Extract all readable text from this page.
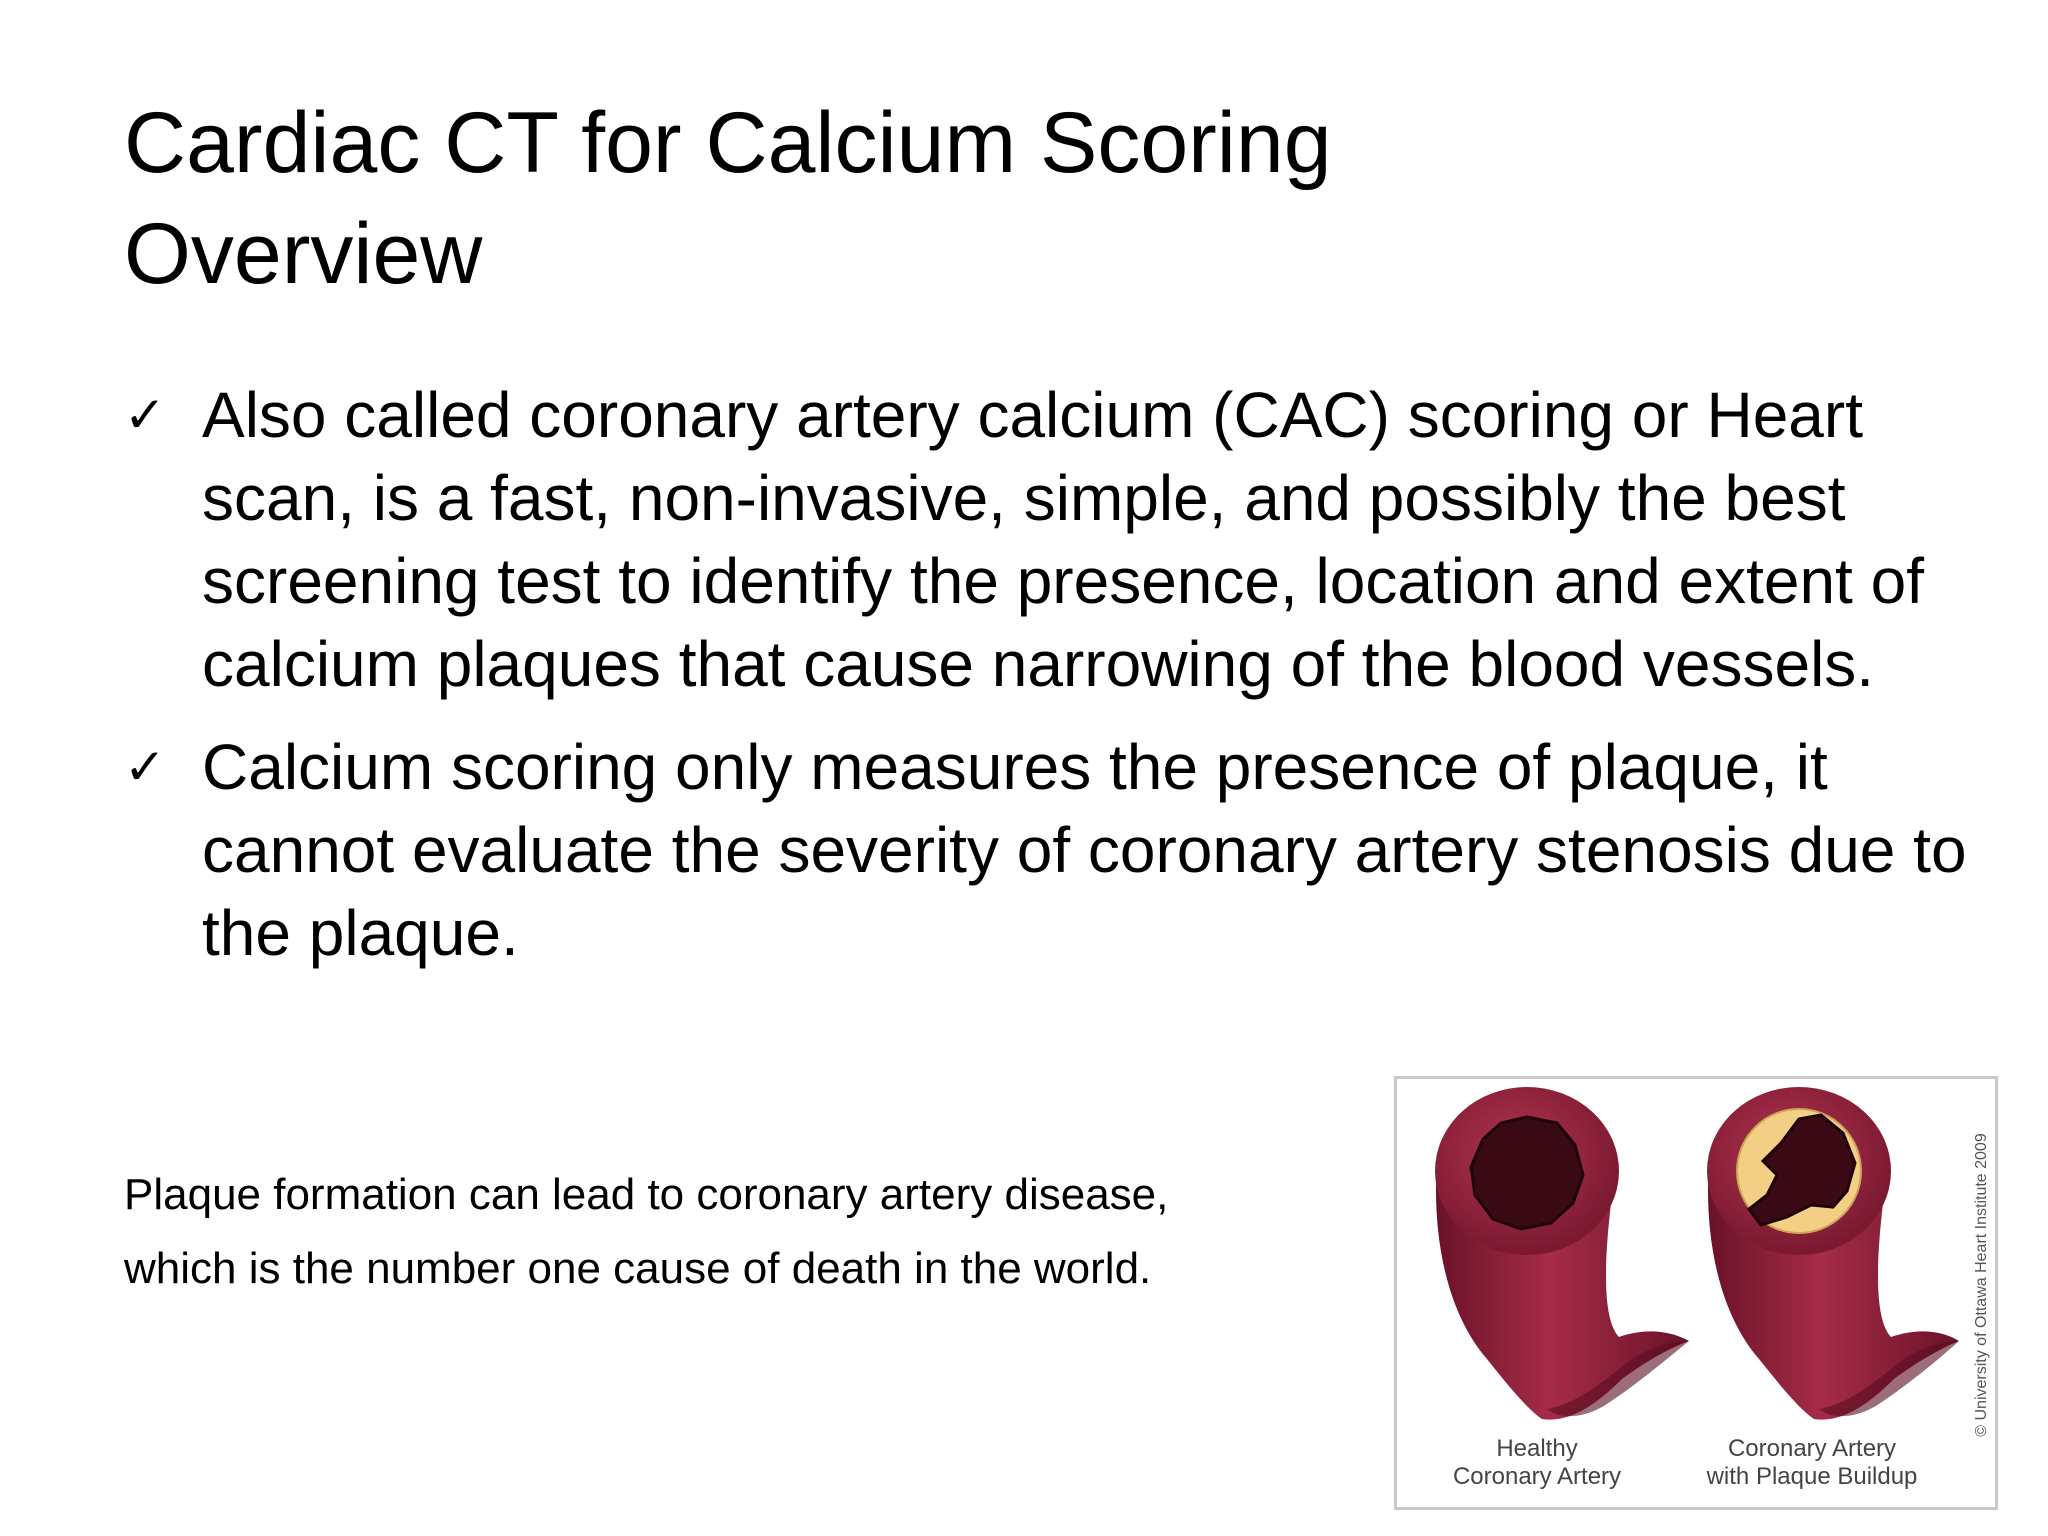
Cardiac CT for Calcium Scoring
Overview
✓ Also called coronary artery calcium (CAC) scoring or Heart scan, is a fast, non-invasive, simple, and possibly the best screening test to identify the presence, location and extent of calcium plaques that cause narrowing of the blood vessels.
✓ Calcium scoring only measures the presence of plaque, it cannot evaluate the severity of coronary artery stenosis due to the plaque.

Plaque formation can lead to coronary artery disease,
which is the number one cause of death in the world.

Healthy
Coronary Artery
Coronary Artery
with Plaque Buildup
© University of Ottawa Heart Institute 2009
